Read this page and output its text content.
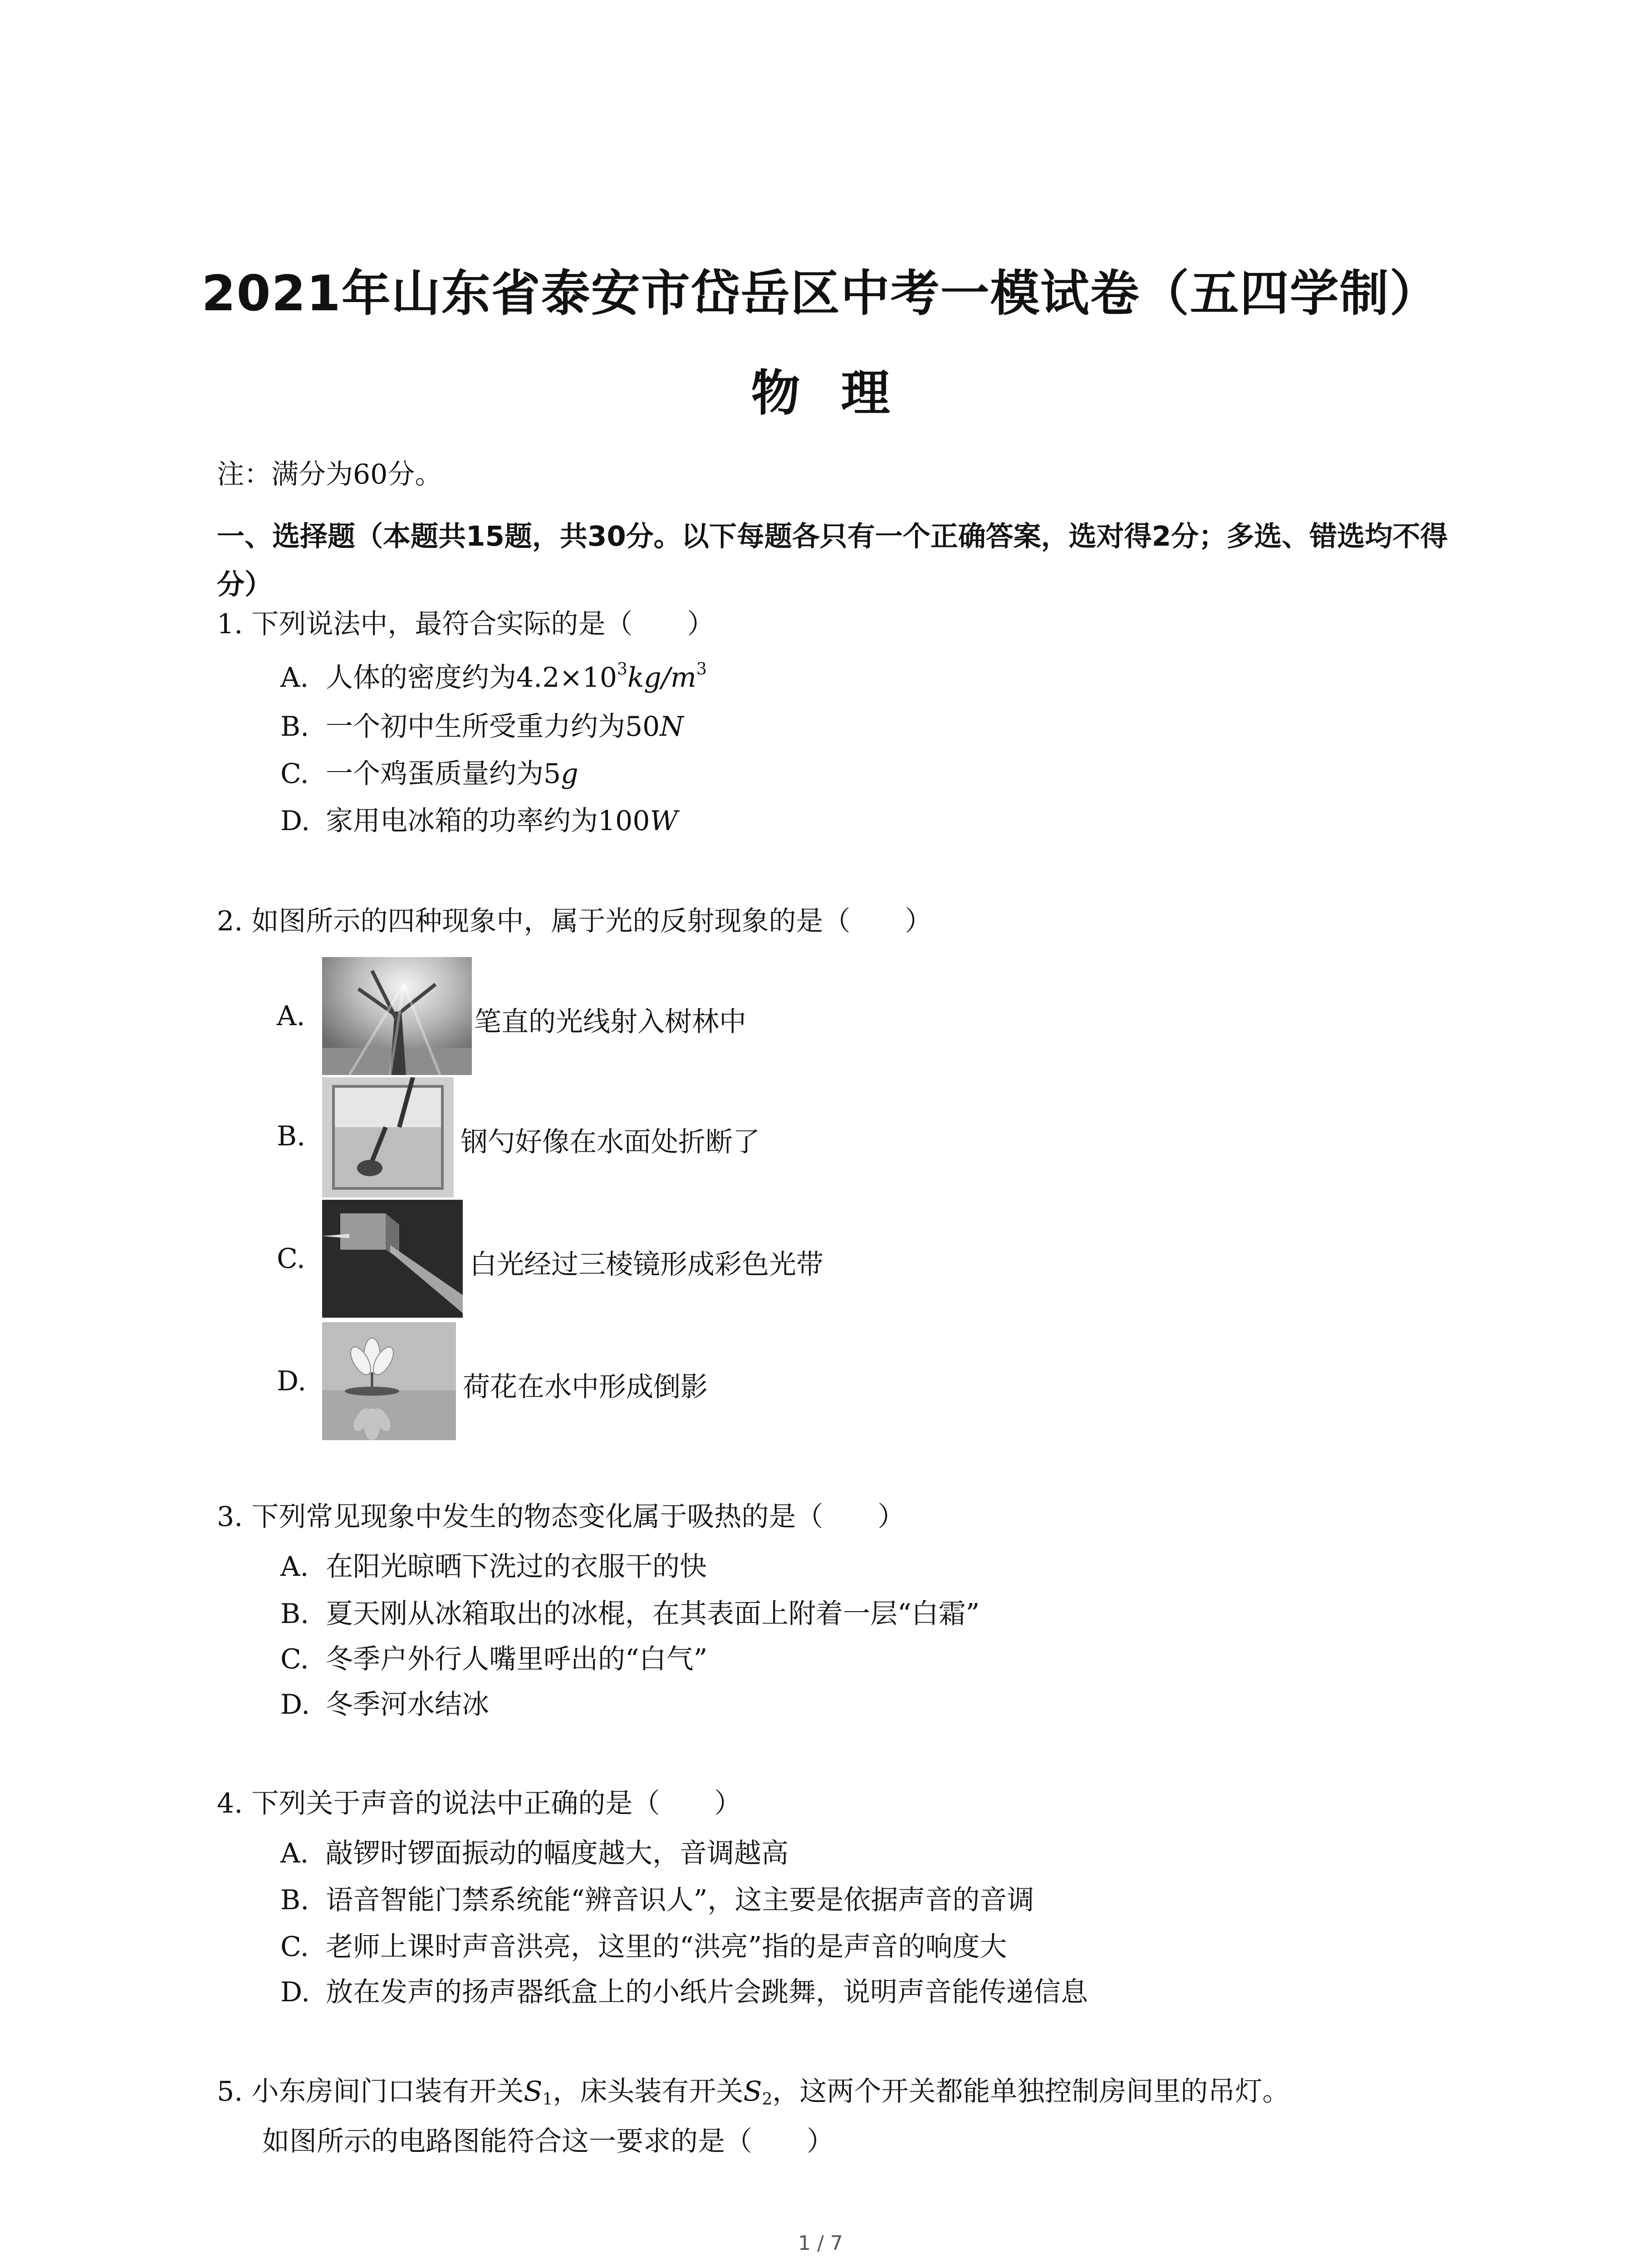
2021年山东省泰安市岱岳区中考一模试卷（五四学制）
物理
注：满分为60分。
一、选择题（本题共15题，共30分。以下每题各只有一个正确答案，选对得2分；多选、错选均不得分）
1. 下列说法中，最符合实际的是（　　）
A. 人体的密度约为$4.2\times 10^3kg/m^3$
B. 一个初中生所受重力约为50N
C. 一个鸡蛋质量约为5g
D. 家用电冰箱的功率约为100W
2. 如图所示的四种现象中，属于光的反射现象的是（　　）
A.	笔直的光线射入树林中
B.	钢勺好像在水面处折断了
C.	白光经过三棱镜形成彩色光带
D.	荷花在水中形成倒影
3. 下列常见现象中发生的物态变化属于吸热的是（　　）
A. 在阳光晾晒下洗过的衣服干的快
B. 夏天刚从冰箱取出的冰棍，在其表面上附着一层“白霜”
C. 冬季户外行人嘴里呼出的“白气”
D. 冬季河水结冰
4. 下列关于声音的说法中正确的是（　　）
A. 敲锣时锣面振动的幅度越大，音调越高
B. 语音智能门禁系统能“辨音识人”，这主要是依据声音的音调
C. 老师上课时声音洪亮，这里的“洪亮”指的是声音的响度大
D. 放在发声的扬声器纸盒上的小纸片会跳舞，说明声音能传递信息
5. 小东房间门口装有开关$S_1$，床头装有开关$S_2$，这两个开关都能单独控制房间里的吊灯。
如图所示的电路图能符合这一要求的是（　　）
1 / 7
